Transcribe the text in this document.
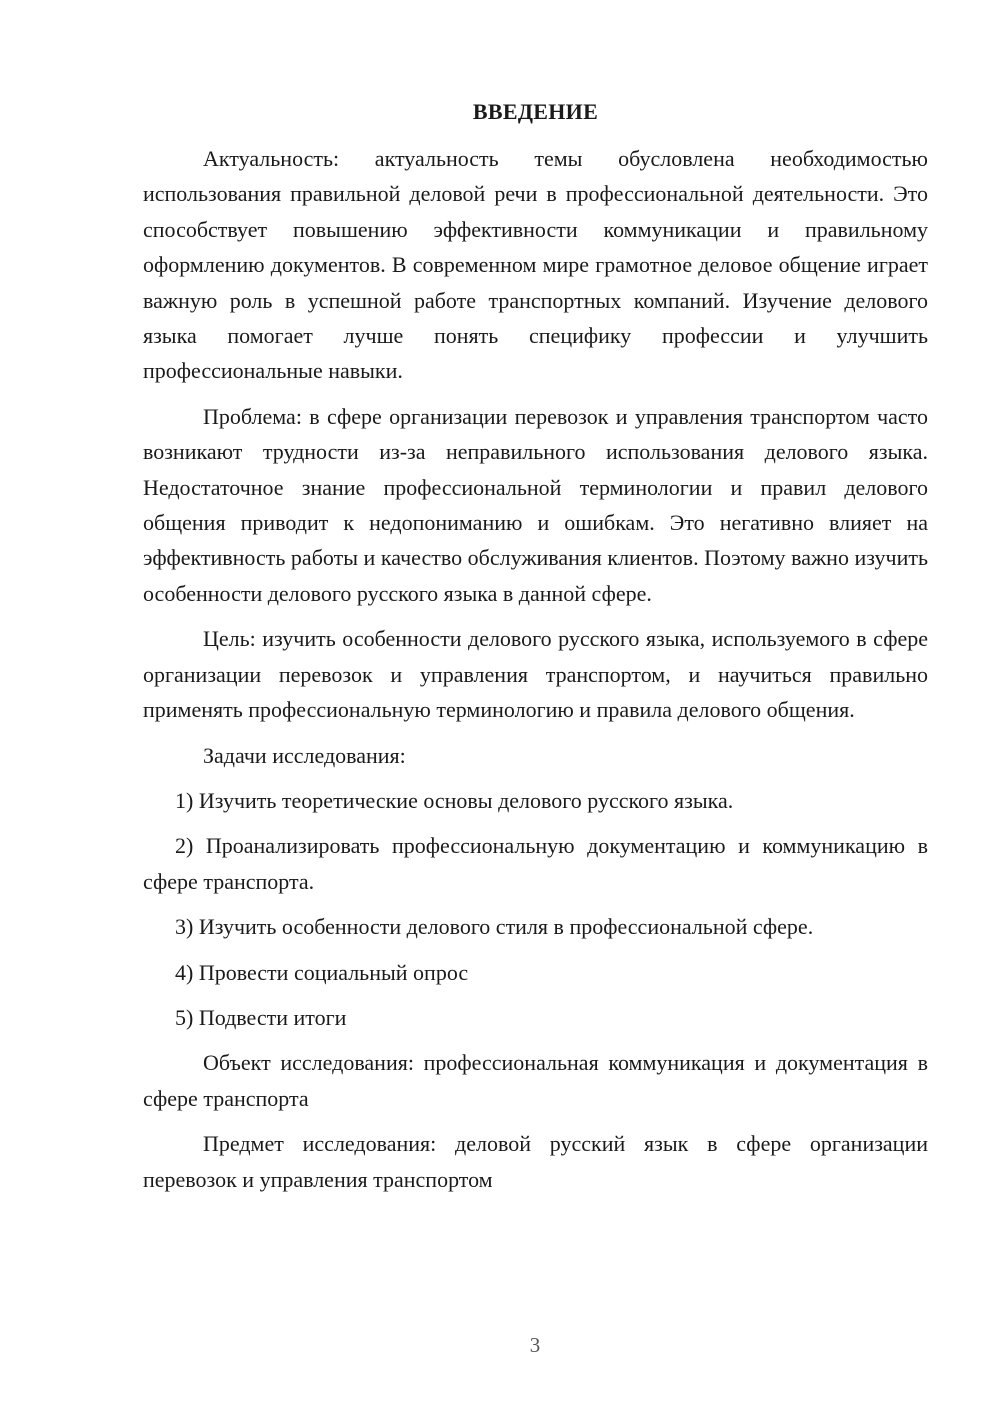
ВВЕДЕНИЕ

Актуальность: актуальность темы обусловлена необходимостью использования правильной деловой речи в профессиональной деятельности. Это способствует повышению эффективности коммуникации и правильному оформлению документов. В современном мире грамотное деловое общение играет важную роль в успешной работе транспортных компаний. Изучение делового языка помогает лучше понять специфику профессии и улучшить профессиональные навыки.

Проблема: в сфере организации перевозок и управления транспортом часто возникают трудности из-за неправильного использования делового языка. Недостаточное знание профессиональной терминологии и правил делового общения приводит к недопониманию и ошибкам. Это негативно влияет на эффективность работы и качество обслуживания клиентов. Поэтому важно изучить особенности делового русского языка в данной сфере.

Цель: изучить особенности делового русского языка, используемого в сфере организации перевозок и управления транспортом, и научиться правильно применять профессиональную терминологию и правила делового общения.

Задачи исследования:

1) Изучить теоретические основы делового русского языка.

2) Проанализировать профессиональную документацию и коммуникацию в сфере транспорта.

3) Изучить особенности делового стиля в профессиональной сфере.

4) Провести социальный опрос

5) Подвести итоги

Объект исследования: профессиональная коммуникация и документация в сфере транспорта

Предмет исследования: деловой русский язык в сфере организации перевозок и управления транспортом

3
